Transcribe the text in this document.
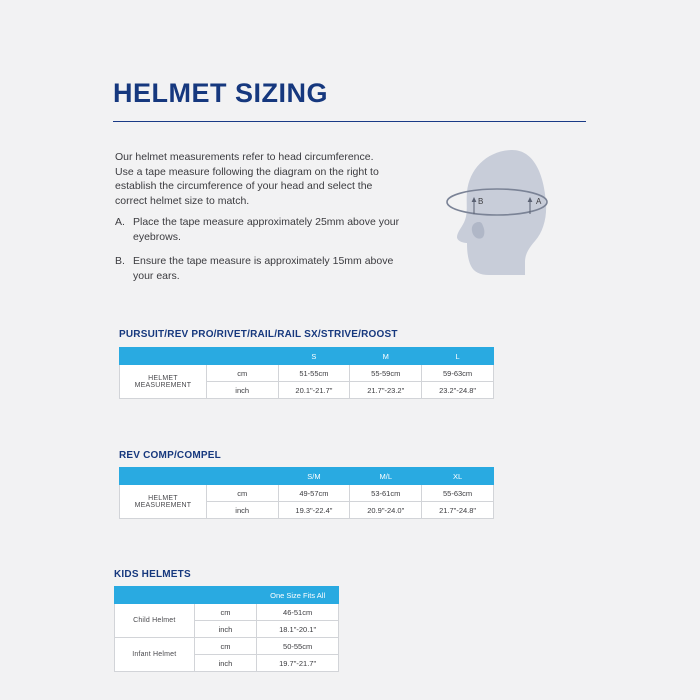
HELMET SIZING
Our helmet measurements refer to head circumference. Use a tape measure following the diagram on the right to establish the circumference of your head and select the correct helmet size to match.
A. Place the tape measure approximately 25mm above your eyebrows.
B. Ensure the tape measure is approximately 15mm above your ears.
A
B
PURSUIT/REV PRO/RIVET/RAIL/RAIL SX/STRIVE/ROOST
		S	M	L
HELMET MEASUREMENT	cm	51-55cm	55-59cm	59-63cm
	inch	20.1"-21.7"	21.7"-23.2"	23.2"-24.8"
REV COMP/COMPEL
		S/M	M/L	XL
HELMET MEASUREMENT	cm	49-57cm	53-61cm	55-63cm
	inch	19.3"-22.4"	20.9"-24.0"	21.7"-24.8"
KIDS HELMETS
		One Size Fits All
Child Helmet	cm	46-51cm
	inch	18.1"-20.1"
Infant Helmet	cm	50-55cm
	inch	19.7"-21.7"
